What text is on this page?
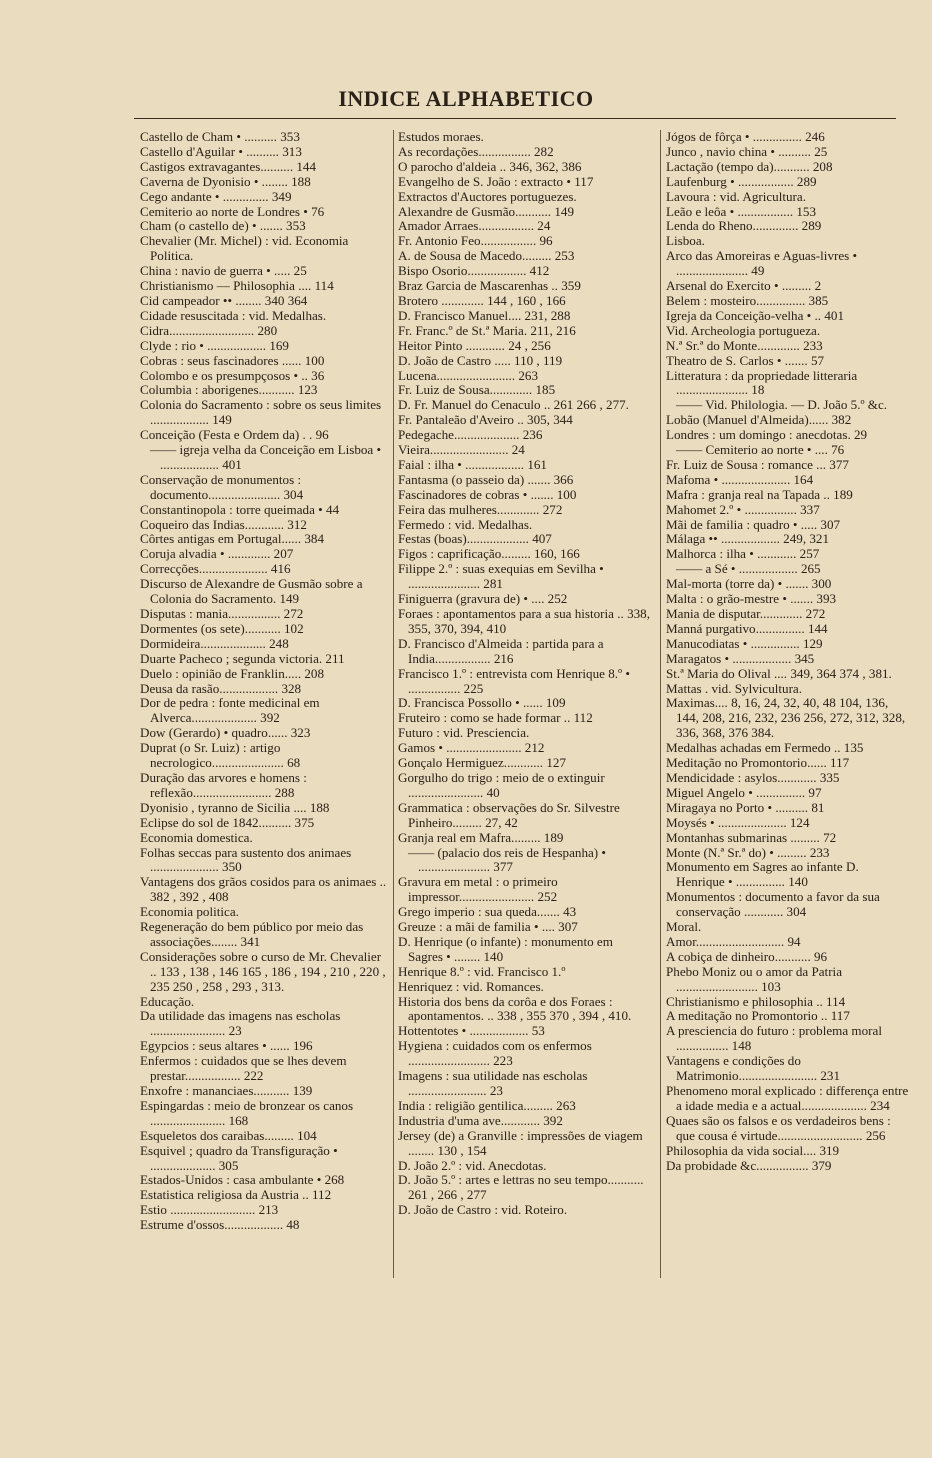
INDICE ALPHABETICO
Castello de Cham • .......... 353
Castello d'Aguilar • .......... 313
Castigos extravagantes.......... 144
Caverna de Dyonisio • ........ 188
Cego andante • .............. 349
Cemiterio ao norte de Londres • 76
Cham (o castello de) • ....... 353
Chevalier (Mr. Michel) : vid. Economia Politica.
China : navio de guerra • ..... 25
Christianismo — Philosophia .... 114
Cid campeador •• ........ 340 364
Cidade resuscitada : vid. Medalhas.
Cidra.......................... 280
Clyde : rio • .................. 169
Cobras : seus fascinadores ...... 100
Colombo e os presumpçosos • .. 36
Columbia : aborigenes........... 123
Colonia do Sacramento : sobre os seus limites .................. 149
Conceição (Festa e Ordem da) . . 96
—— igreja velha da Conceição em Lisboa • .................. 401
Conservação de monumentos : documento...................... 304
Constantinopola : torre queimada • 44
Coqueiro das Indias............ 312
Côrtes antigas em Portugal...... 384
Coruja alvadia • ............. 207
Correcções..................... 416
Discurso de Alexandre de Gusmão sobre a Colonia do Sacramento. 149
Disputas : mania................ 272
Dormentes (os sete)........... 102
Dormideira.................... 248
Duarte Pacheco ; segunda victoria. 211
Duelo : opinião de Franklin..... 208
Deusa da rasão.................. 328
Dor de pedra : fonte medicinal em Alverca.................... 392
Dow (Gerardo) • quadro...... 323
Duprat (o Sr. Luiz) : artigo necrologico...................... 68
Duração das arvores e homens : reflexão........................ 288
Dyonisio , tyranno de Sicilia .... 188
Eclipse do sol de 1842.......... 375
Economia domestica.
Folhas seccas para sustento dos animaes ..................... 350
Vantagens dos grãos cosidos para os animaes .. 382 , 392 , 408
Economia politica.
Regeneração do bem público por meio das associações........ 341
Considerações sobre o curso de Mr. Chevalier .. 133 , 138 , 146 165 , 186 , 194 , 210 , 220 , 235 250 , 258 , 293 , 313.
Educação.
Da utilidade das imagens nas escholas ....................... 23
Egypcios : seus altares • ...... 196
Enfermos : cuidados que se lhes devem prestar................. 222
Enxofre : mananciaes........... 139
Espingardas : meio de bronzear os canos ....................... 168
Esqueletos dos caraibas......... 104
Esquivel ; quadro da Transfiguração • .................... 305
Estados-Unidos : casa ambulante • 268
Estatistica religiosa da Austria .. 112
Estio .......................... 213
Estrume d'ossos.................. 48
Estudos moraes.
As recordações................ 282
O parocho d'aldeia .. 346, 362, 386
Evangelho de S. João : extracto • 117
Extractos d'Auctores portuguezes.
Alexandre de Gusmão........... 149
Amador Arraes................. 24
Fr. Antonio Feo................. 96
A. de Sousa de Macedo......... 253
Bispo Osorio.................. 412
Braz Garcia de Mascarenhas .. 359
Brotero ............. 144 , 160 , 166
D. Francisco Manuel.... 231, 288
Fr. Franc.º de St.ª Maria. 211, 216
Heitor Pinto ............ 24 , 256
D. João de Castro ..... 110 , 119
Lucena........................ 263
Fr. Luiz de Sousa............. 185
D. Fr. Manuel do Cenaculo .. 261 266 , 277.
Fr. Pantaleão d'Aveiro .. 305, 344
Pedegache.................... 236
Vieira........................ 24
Faial : ilha • .................. 161
Fantasma (o passeio da) ....... 366
Fascinadores de cobras • ....... 100
Feira das mulheres............. 272
Fermedo : vid. Medalhas.
Festas (boas)................... 407
Figos : caprificação......... 160, 166
Filippe 2.º : suas exequias em Sevilha • ...................... 281
Finiguerra (gravura de) • .... 252
Foraes : apontamentos para a sua historia .. 338, 355, 370, 394, 410
D. Francisco d'Almeida : partida para a India................. 216
Francisco 1.º : entrevista com Henrique 8.º • ................ 225
D. Francisca Possollo • ...... 109
Fruteiro : como se hade formar .. 112
Futuro : vid. Presciencia.
Gamos • ....................... 212
Gonçalo Hermiguez............ 127
Gorgulho do trigo : meio de o extinguir ....................... 40
Grammatica : observações do Sr. Silvestre Pinheiro......... 27, 42
Granja real em Mafra......... 189
—— (palacio dos reis de Hespanha) • ...................... 377
Gravura em metal : o primeiro impressor....................... 252
Grego imperio : sua queda....... 43
Greuze : a mãi de familia • .... 307
D. Henrique (o infante) : monumento em Sagres • ........ 140
Henrique 8.º : vid. Francisco 1.º
Henriquez : vid. Romances.
Historia dos bens da corôa e dos Foraes : apontamentos. .. 338 , 355 370 , 394 , 410.
Hottentotes • .................. 53
Hygiena : cuidados com os enfermos ......................... 223
Imagens : sua utilidade nas escholas ........................ 23
India : religião gentilica......... 263
Industria d'uma ave............ 392
Jersey (de) a Granville : impressões de viagem ........ 130 , 154
D. João 2.º : vid. Anecdotas.
D. João 5.º : artes e lettras no seu tempo........... 261 , 266 , 277
D. João de Castro : vid. Roteiro.
Jógos de fôrça • ............... 246
Junco , navio china • .......... 25
Lactação (tempo da)........... 208
Laufenburg • ................. 289
Lavoura : vid. Agricultura.
Leão e leôa • ................. 153
Lenda do Rheno.............. 289
Lisboa.
Arco das Amoreiras e Aguas-livres • ...................... 49
Arsenal do Exercito • ......... 2
Belem : mosteiro............... 385
Igreja da Conceição-velha • .. 401
Vid. Archeologia portugueza.
N.ª Sr.ª do Monte............. 233
Theatro de S. Carlos • ....... 57
Litteratura : da propriedade litteraria ...................... 18
—— Vid. Philologia. — D. João 5.º &c.
Lobão (Manuel d'Almeida)...... 382
Londres : um domingo : anecdotas. 29
—— Cemiterio ao norte • .... 76
Fr. Luiz de Sousa : romance ... 377
Mafoma • ..................... 164
Mafra : granja real na Tapada .. 189
Mahomet 2.º • ................ 337
Mãi de familia : quadro • ..... 307
Málaga •• .................. 249, 321
Malhorca : ilha • ............ 257
—— a Sé • .................. 265
Mal-morta (torre da) • ....... 300
Malta : o grão-mestre • ....... 393
Mania de disputar............. 272
Manná purgativo............... 144
Manucodiatas • ............... 129
Maragatos • .................. 345
St.ª Maria do Olival .... 349, 364 374 , 381.
Mattas . vid. Sylvicultura.
Maximas.... 8, 16, 24, 32, 40, 48 104, 136, 144, 208, 216, 232, 236 256, 272, 312, 328, 336, 368, 376 384.
Medalhas achadas em Fermedo .. 135
Meditação no Promontorio...... 117
Mendicidade : asylos............ 335
Miguel Angelo • ............... 97
Miragaya no Porto • .......... 81
Moysés • ..................... 124
Montanhas submarinas ......... 72
Monte (N.ª Sr.ª do) • ......... 233
Monumento em Sagres ao infante D. Henrique • ............... 140
Monumentos : documento a favor da sua conservação ............ 304
Moral.
Amor........................... 94
A cobiça de dinheiro........... 96
Phebo Moniz ou o amor da Patria ......................... 103
Christianismo e philosophia .. 114
A meditação no Promontorio .. 117
A presciencia do futuro : problema moral ................ 148
Vantagens e condições do Matrimonio........................ 231
Phenomeno moral explicado : differença entre a idade media e a actual.................... 234
Quaes são os falsos e os verdadeiros bens : que cousa é virtude.......................... 256
Philosophia da vida social.... 319
Da probidade &c................ 379
